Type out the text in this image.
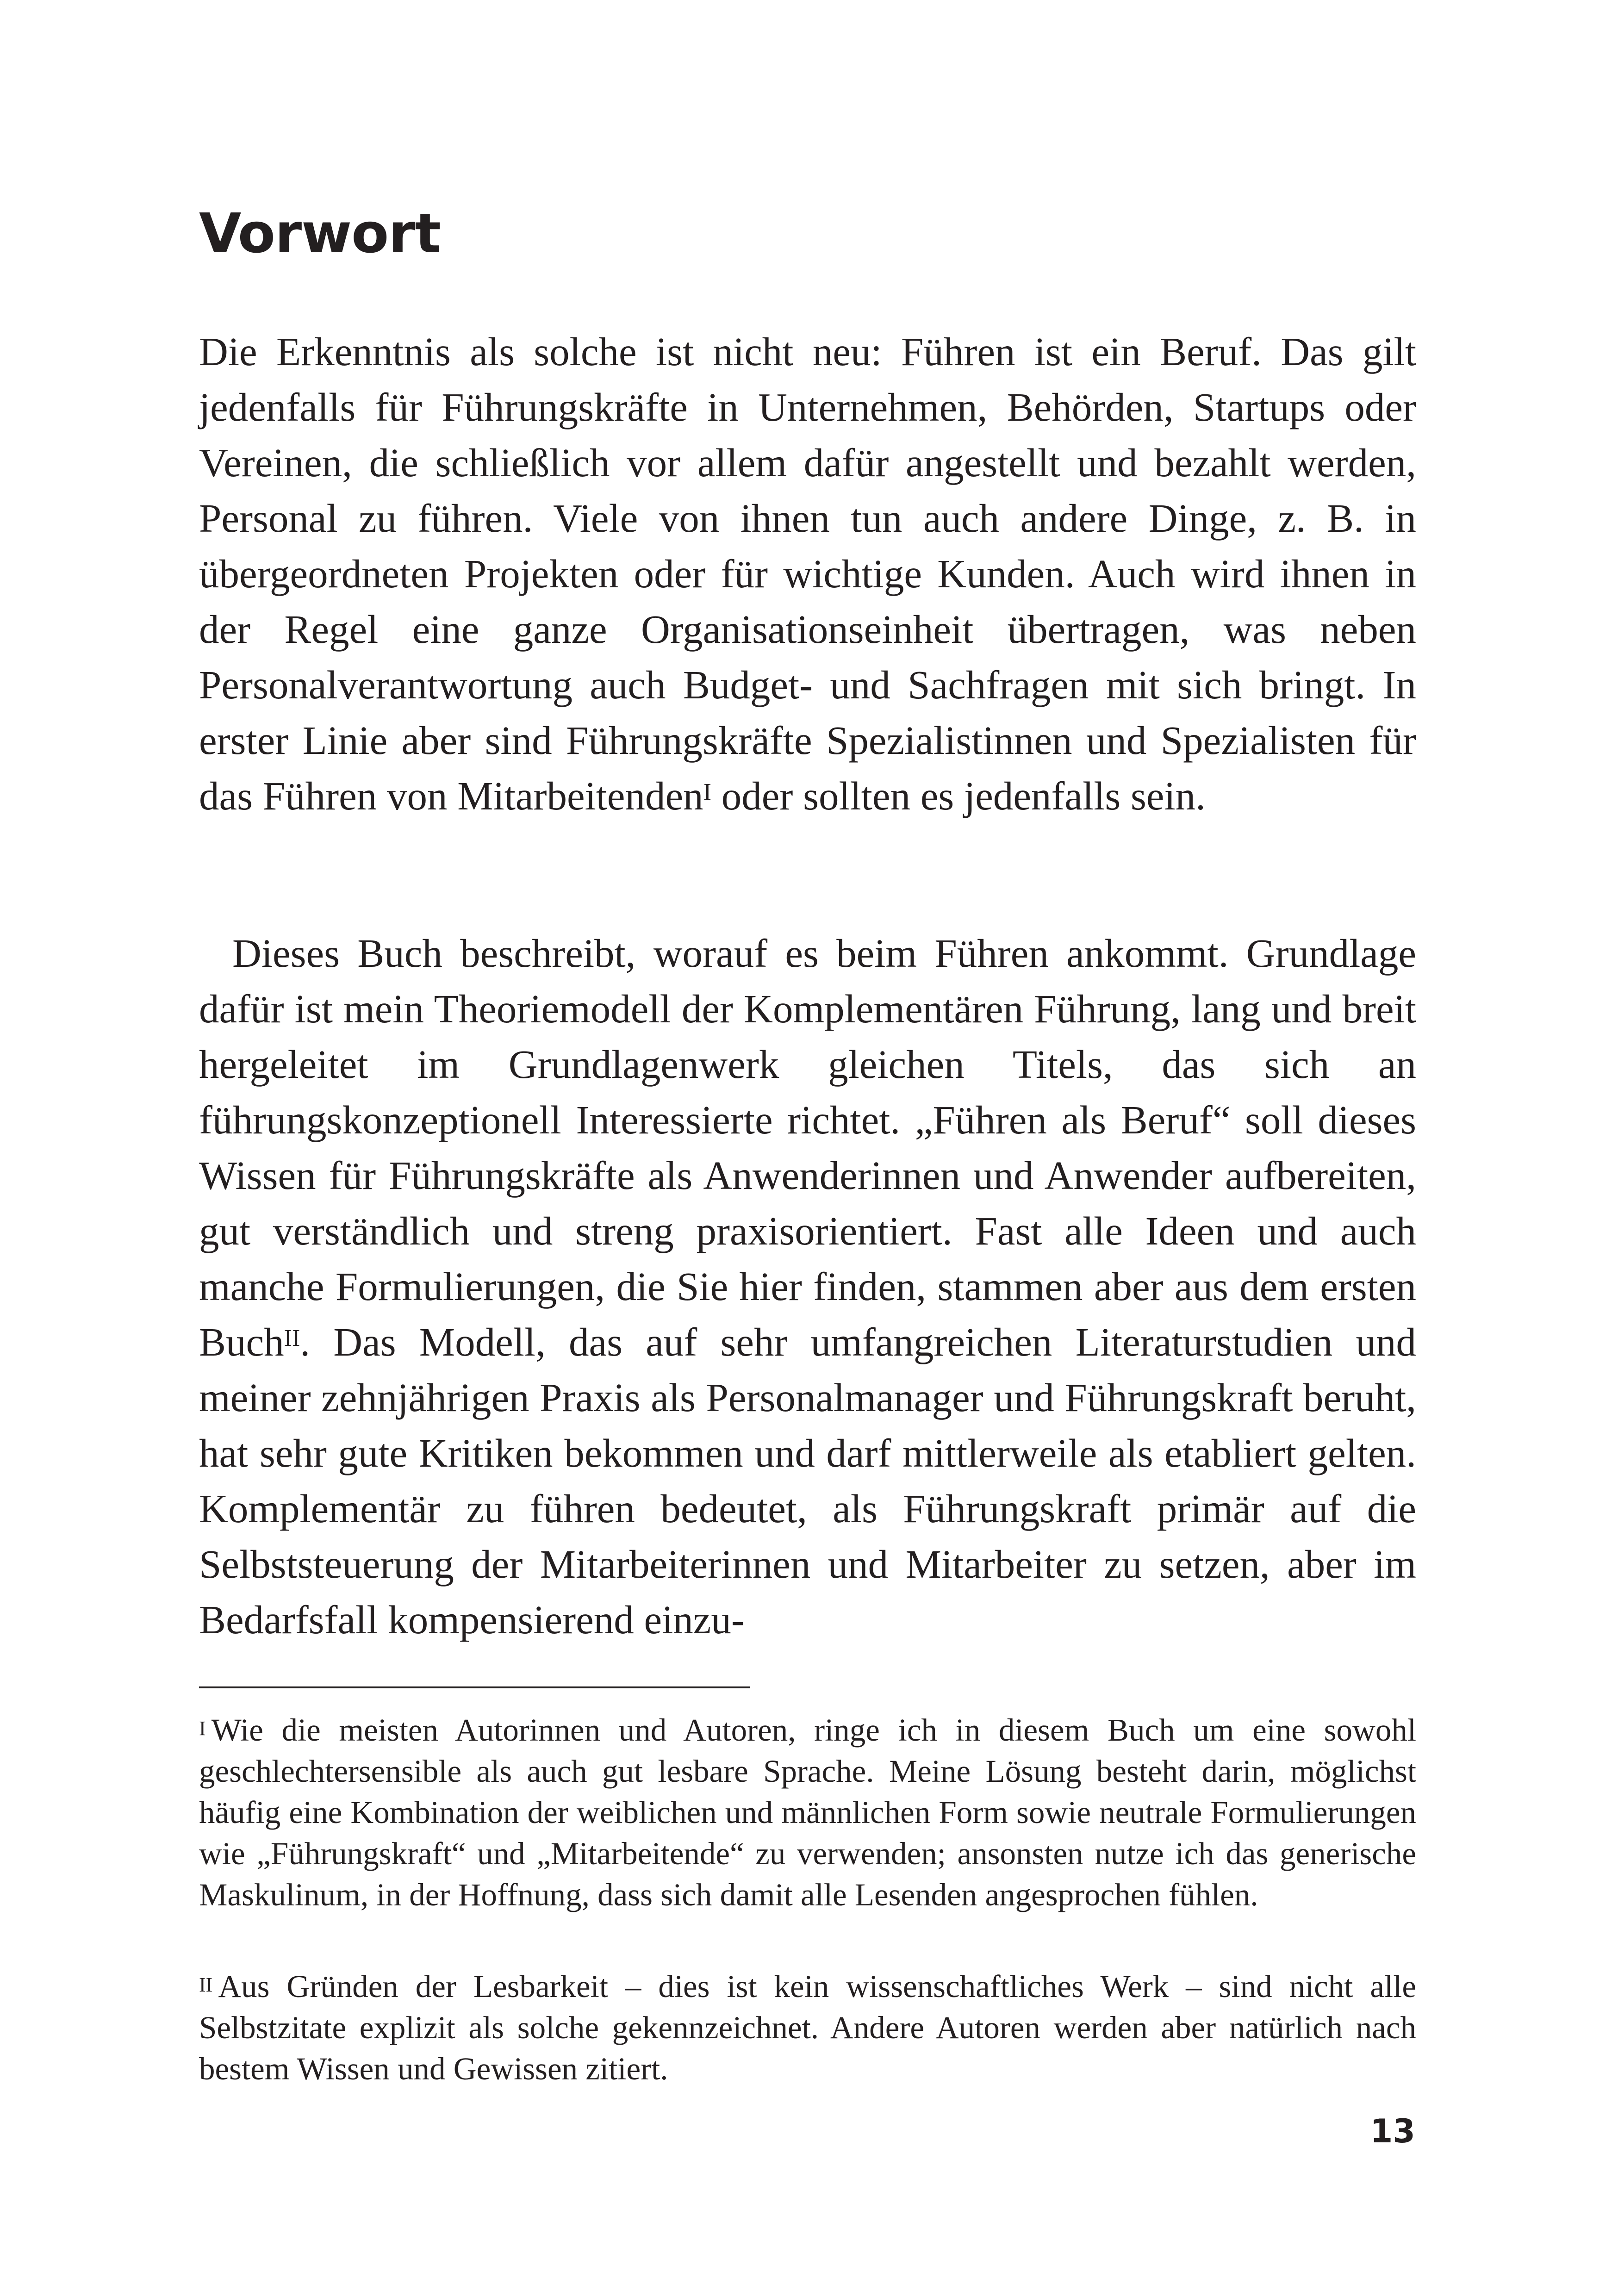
Vorwort

Die Erkenntnis als solche ist nicht neu: Führen ist ein Beruf. Das gilt jedenfalls für Führungskräfte in Unternehmen, Behörden, Startups oder Vereinen, die schließlich vor allem dafür angestellt und bezahlt werden, Personal zu führen. Viele von ihnen tun auch andere Dinge, z. B. in übergeordneten Projekten oder für wichtige Kunden. Auch wird ihnen in der Regel eine ganze Organisationseinheit übertragen, was neben Personalverantwortung auch Budget- und Sachfragen mit sich bringt. In erster Linie aber sind Führungskräfte Spezialistinnen und Spezialisten für das Führen von Mitarbeitenden$^I$ oder sollten es jedenfalls sein.

Dieses Buch beschreibt, worauf es beim Führen ankommt. Grundlage dafür ist mein Theoriemodell der Komplementären Führung, lang und breit hergeleitet im Grundlagenwerk gleichen Titels, das sich an führungskonzeptionell Interessierte richtet. „Führen als Beruf“ soll dieses Wissen für Führungskräfte als Anwenderinnen und Anwender aufbereiten, gut verständlich und streng praxisorientiert. Fast alle Ideen und auch manche Formulierungen, die Sie hier finden, stammen aber aus dem ersten Buch$^{II}$. Das Modell, das auf sehr umfangreichen Literaturstudien und meiner zehnjährigen Praxis als Personalmanager und Führungskraft beruht, hat sehr gute Kritiken bekommen und darf mittlerweile als etabliert gelten. Komplementär zu führen bedeutet, als Führungskraft primär auf die Selbststeuerung der Mitarbeiterinnen und Mitarbeiter zu setzen, aber im Bedarfsfall kompensierend einzu-

$^I$ Wie die meisten Autorinnen und Autoren, ringe ich in diesem Buch um eine sowohl geschlechtersensible als auch gut lesbare Sprache. Meine Lösung besteht darin, möglichst häufig eine Kombination der weiblichen und männlichen Form sowie neutrale Formulierungen wie „Führungskraft“ und „Mitarbeitende“ zu verwenden; ansonsten nutze ich das generische Maskulinum, in der Hoffnung, dass sich damit alle Lesenden angesprochen fühlen.

$^{II}$ Aus Gründen der Lesbarkeit – dies ist kein wissenschaftliches Werk – sind nicht alle Selbstzitate explizit als solche gekennzeichnet. Andere Autoren werden aber natürlich nach bestem Wissen und Gewissen zitiert.

13
